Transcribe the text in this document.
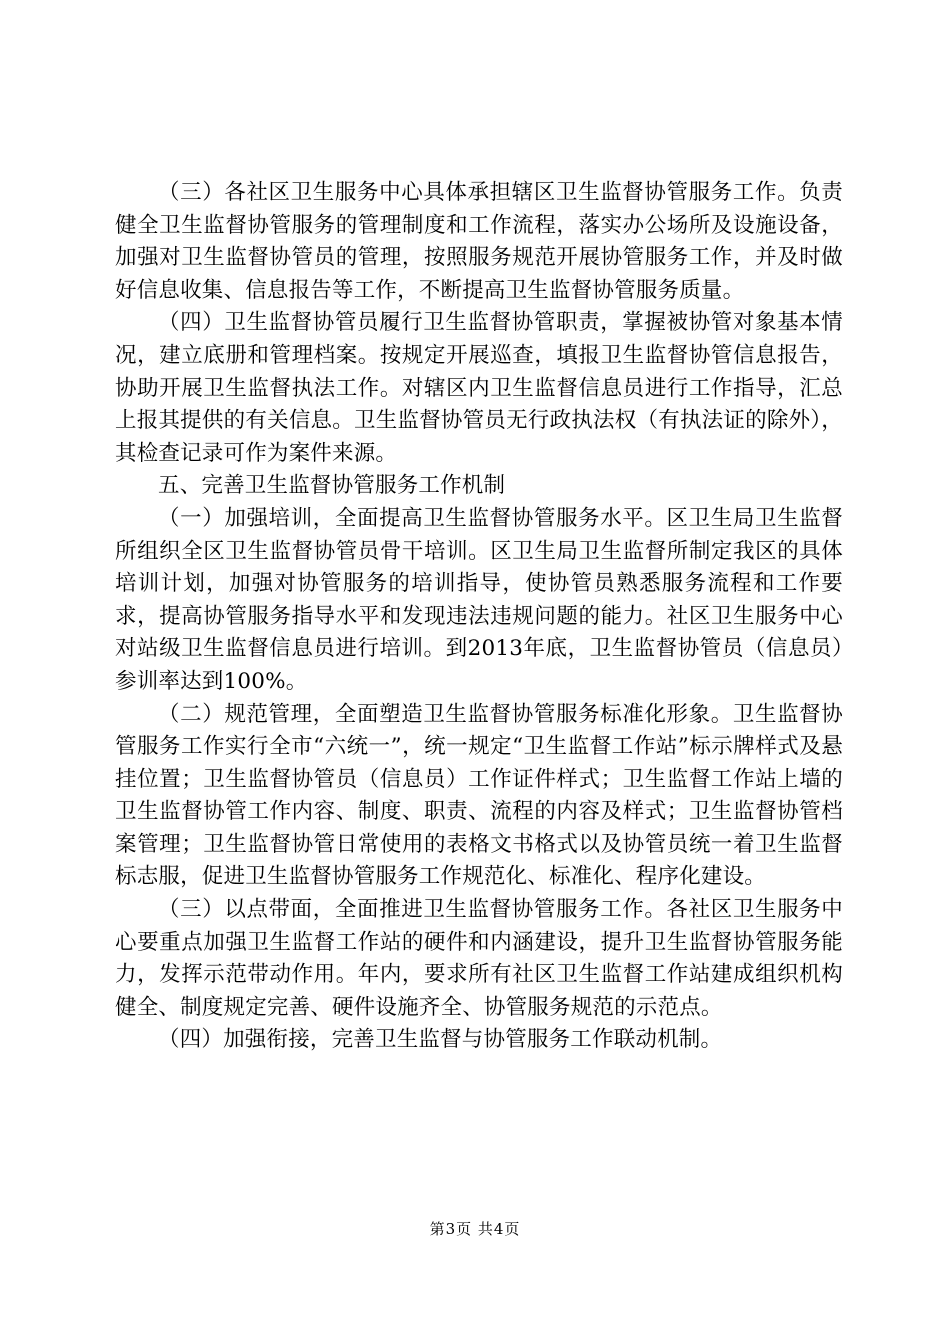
（三）各社区卫生服务中心具体承担辖区卫生监督协管服务工作。负责健全卫生监督协管服务的管理制度和工作流程，落实办公场所及设施设备，加强对卫生监督协管员的管理，按照服务规范开展协管服务工作，并及时做好信息收集、信息报告等工作，不断提高卫生监督协管服务质量。

（四）卫生监督协管员履行卫生监督协管职责，掌握被协管对象基本情况，建立底册和管理档案。按规定开展巡查，填报卫生监督协管信息报告，协助开展卫生监督执法工作。对辖区内卫生监督信息员进行工作指导，汇总上报其提供的有关信息。卫生监督协管员无行政执法权（有执法证的除外），其检查记录可作为案件来源。

五、完善卫生监督协管服务工作机制

（一）加强培训，全面提高卫生监督协管服务水平。区卫生局卫生监督所组织全区卫生监督协管员骨干培训。区卫生局卫生监督所制定我区的具体培训计划，加强对协管服务的培训指导，使协管员熟悉服务流程和工作要求，提高协管服务指导水平和发现违法违规问题的能力。社区卫生服务中心对站级卫生监督信息员进行培训。到2013年底，卫生监督协管员（信息员）参训率达到100%。

（二）规范管理，全面塑造卫生监督协管服务标准化形象。卫生监督协管服务工作实行全市“六统一”，统一规定“卫生监督工作站”标示牌样式及悬挂位置；卫生监督协管员（信息员）工作证件样式；卫生监督工作站上墙的卫生监督协管工作内容、制度、职责、流程的内容及样式；卫生监督协管档案管理；卫生监督协管日常使用的表格文书格式以及协管员统一着卫生监督标志服，促进卫生监督协管服务工作规范化、标准化、程序化建设。

（三）以点带面，全面推进卫生监督协管服务工作。各社区卫生服务中心要重点加强卫生监督工作站的硬件和内涵建设，提升卫生监督协管服务能力，发挥示范带动作用。年内，要求所有社区卫生监督工作站建成组织机构健全、制度规定完善、硬件设施齐全、协管服务规范的示范点。

（四）加强衔接，完善卫生监督与协管服务工作联动机制。

第3页 共4页
